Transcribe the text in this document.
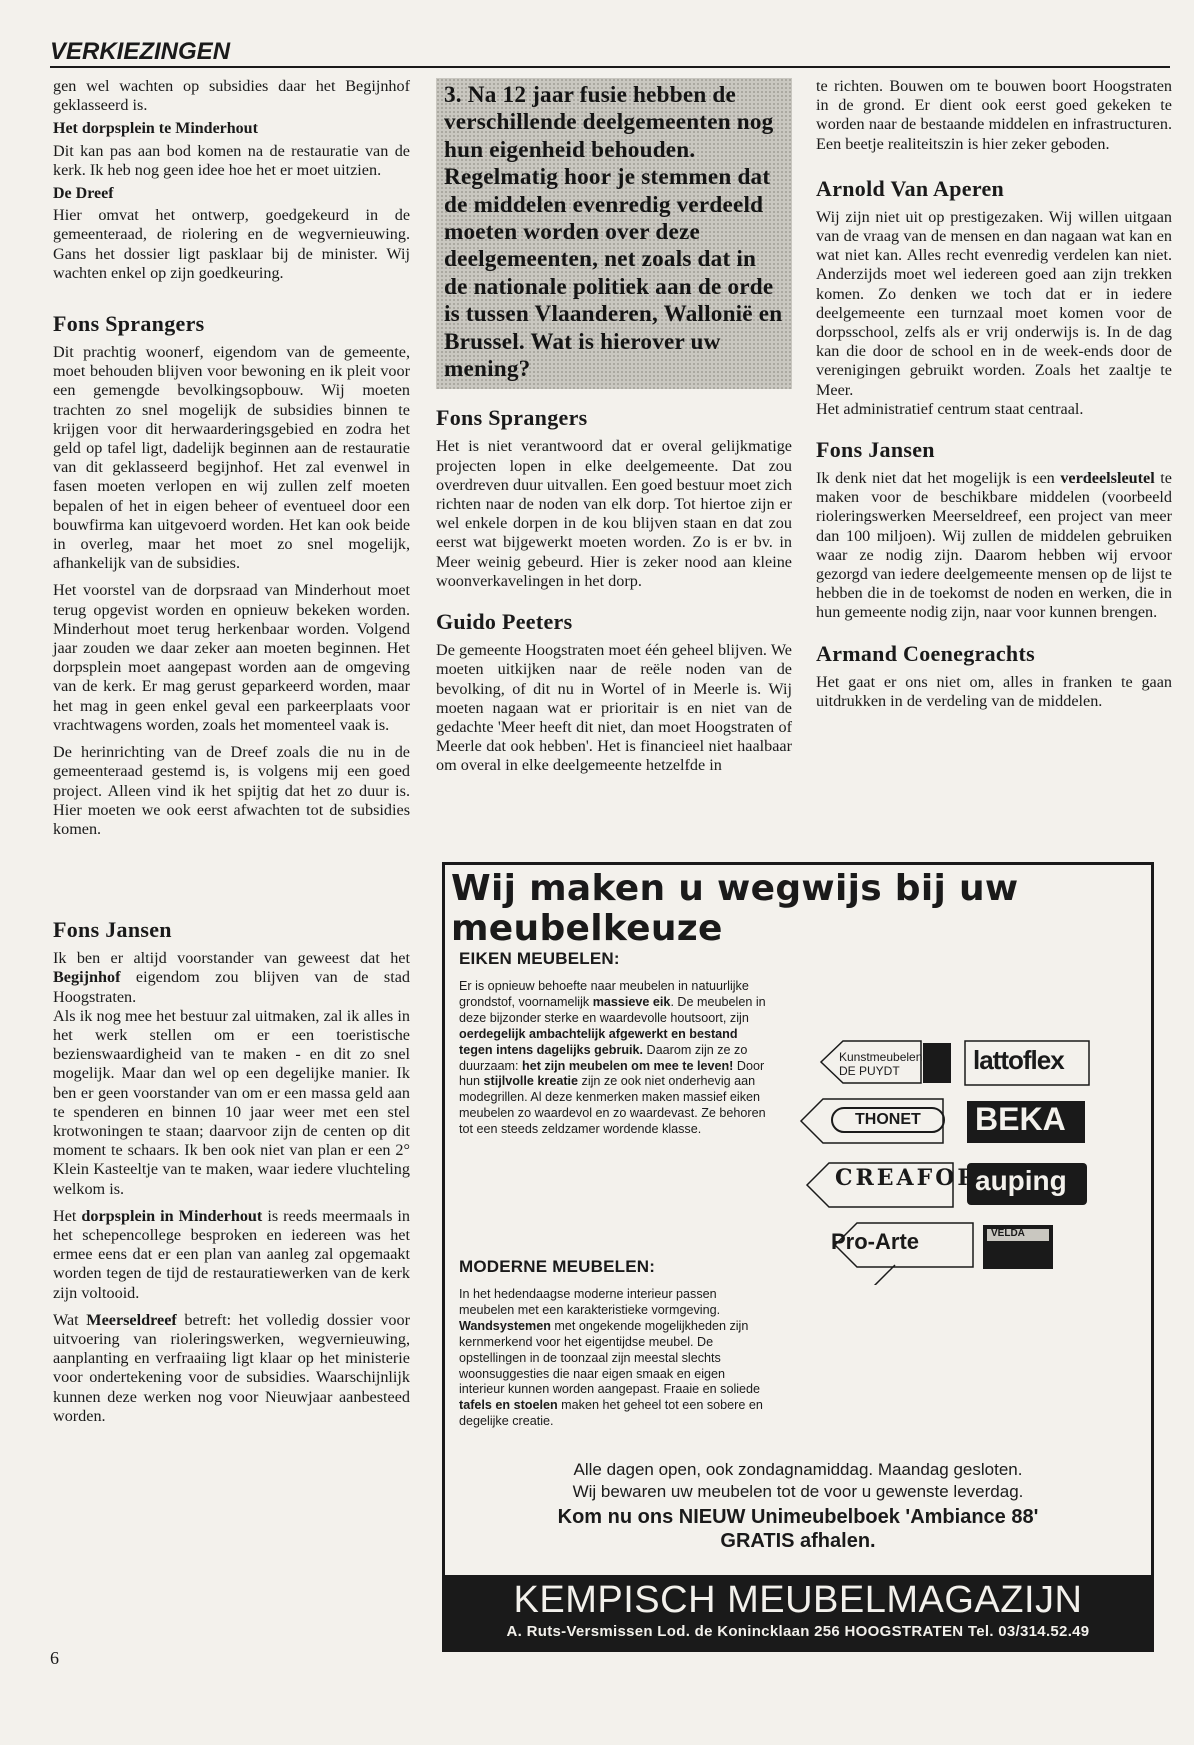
VERKIEZINGEN

gen wel wachten op subsidies daar het Begijnhof geklasseerd is.

Het dorpsplein te Minderhout

Dit kan pas aan bod komen na de restauratie van de kerk. Ik heb nog geen idee hoe het er moet uitzien.

De Dreef

Hier omvat het ontwerp, goedgekeurd in de gemeenteraad, de riolering en de wegvernieuwing. Gans het dossier ligt pasklaar bij de minister. Wij wachten enkel op zijn goedkeuring.

Fons Sprangers

Dit prachtig woonerf, eigendom van de gemeente, moet behouden blijven voor bewoning en ik pleit voor een gemengde bevolkingsopbouw. Wij moeten trachten zo snel mogelijk de subsidies binnen te krijgen voor dit herwaarderingsgebied en zodra het geld op tafel ligt, dadelijk beginnen aan de restauratie van dit geklasseerd begijnhof. Het zal evenwel in fasen moeten verlopen en wij zullen zelf moeten bepalen of het in eigen beheer of eventueel door een bouwfirma kan uitgevoerd worden. Het kan ook beide in overleg, maar het moet zo snel mogelijk, afhankelijk van de subsidies.

Het voorstel van de dorpsraad van Minderhout moet terug opgevist worden en opnieuw bekeken worden. Minderhout moet terug herkenbaar worden. Volgend jaar zouden we daar zeker aan moeten beginnen. Het dorpsplein moet aangepast worden aan de omgeving van de kerk. Er mag gerust geparkeerd worden, maar het mag in geen enkel geval een parkeerplaats voor vrachtwagens worden, zoals het momenteel vaak is.

De herinrichting van de Dreef zoals die nu in de gemeenteraad gestemd is, is volgens mij een goed project. Alleen vind ik het spijtig dat het zo duur is. Hier moeten we ook eerst afwachten tot de subsidies komen.

Fons Jansen

Ik ben er altijd voorstander van geweest dat het Begijnhof eigendom zou blijven van de stad Hoogstraten.

Als ik nog mee het bestuur zal uitmaken, zal ik alles in het werk stellen om er een toeristische bezienswaardigheid van te maken - en dit zo snel mogelijk. Maar dan wel op een degelijke manier. Ik ben er geen voorstander van om er een massa geld aan te spenderen en binnen 10 jaar weer met een stel krotwoningen te staan; daarvoor zijn de centen op dit moment te schaars. Ik ben ook niet van plan er een 2° Klein Kasteeltje van te maken, waar iedere vluchteling welkom is.

Het dorpsplein in Minderhout is reeds meermaals in het schepencollege besproken en iedereen was het ermee eens dat er een plan van aanleg zal opgemaakt worden tegen de tijd de restauratiewerken van de kerk zijn voltooid.

Wat Meerseldreef betreft: het volledig dossier voor uitvoering van rioleringswerken, wegvernieuwing, aanplanting en verfraaiing ligt klaar op het ministerie voor ondertekening voor de subsidies. Waarschijnlijk kunnen deze werken nog voor Nieuwjaar aanbesteed worden.

6
3. Na 12 jaar fusie hebben de verschillende deelgemeenten nog hun eigenheid behouden. Regelmatig hoor je stemmen dat de middelen evenredig verdeeld moeten worden over deze deelgemeenten, net zoals dat in de nationale politiek aan de orde is tussen Vlaanderen, Wallonië en Brussel. Wat is hierover uw mening?
Fons Sprangers

Het is niet verantwoord dat er overal gelijkmatige projecten lopen in elke deelgemeente. Dat zou overdreven duur uitvallen. Een goed bestuur moet zich richten naar de noden van elk dorp. Tot hiertoe zijn er wel enkele dorpen in de kou blijven staan en dat zou eerst wat bijgewerkt moeten worden. Zo is er bv. in Meer weinig gebeurd. Hier is zeker nood aan kleine woonverkavelingen in het dorp.

Guido Peeters

De gemeente Hoogstraten moet één geheel blijven. We moeten uitkijken naar de reële noden van de bevolking, of dit nu in Wortel of in Meerle is. Wij moeten nagaan wat er prioritair is en niet van de gedachte 'Meer heeft dit niet, dan moet Hoogstraten of Meerle dat ook hebben'. Het is financieel niet haalbaar om overal in elke deelgemeente hetzelfde in

te richten. Bouwen om te bouwen boort Hoogstraten in de grond. Er dient ook eerst goed gekeken te worden naar de bestaande middelen en infrastructuren. Een beetje realiteitszin is hier zeker geboden.

Arnold Van Aperen

Wij zijn niet uit op prestigezaken. Wij willen uitgaan van de vraag van de mensen en dan nagaan wat kan en wat niet kan. Alles recht evenredig verdelen kan niet. Anderzijds moet wel iedereen goed aan zijn trekken komen. Zo denken we toch dat er in iedere deelgemeente een turnzaal moet komen voor de dorpsschool, zelfs als er vrij onderwijs is. In de dag kan die door de school en in de week-ends door de verenigingen gebruikt worden. Zoals het zaaltje te Meer.

Het administratief centrum staat centraal.

Fons Jansen

Ik denk niet dat het mogelijk is een verdeelsleutel te maken voor de beschikbare middelen (voorbeeld rioleringswerken Meerseldreef, een project van meer dan 100 miljoen). Wij zullen de middelen gebruiken waar ze nodig zijn. Daarom hebben wij ervoor gezorgd van iedere deelgemeente mensen op de lijst te hebben die in de toekomst de noden en werken, die in hun gemeente nodig zijn, naar voor kunnen brengen.

Armand Coenegrachts

Het gaat er ons niet om, alles in franken te gaan uitdrukken in de verdeling van de middelen.

Wij maken u wegwijs bij uw meubelkeuze
EIKEN MEUBELEN:
Er is opnieuw behoefte naar meubelen in natuurlijke grondstof, voornamelijk massieve eik. De meubelen in deze bijzonder sterke en waardevolle houtsoort, zijn oerdegelijk ambachtelijk afgewerkt en bestand tegen intens dagelijks gebruik. Daarom zijn ze zo duurzaam: het zijn meubelen om mee te leven! Door hun stijlvolle kreatie zijn ze ook niet onderhevig aan modegrillen. Al deze kenmerken maken massief eiken meubelen zo waardevol en zo waardevast. Ze behoren tot een steeds zeldzamer wordende klasse.
MODERNE MEUBELEN:
In het hedendaagse moderne interieur passen meubelen met een karakteristieke vormgeving. Wandsystemen met ongekende mogelijkheden zijn kernmerkend voor het eigentijdse meubel. De opstellingen in de toonzaal zijn meestal slechts woonsuggesties die naar eigen smaak en eigen interieur kunnen worden aangepast. Fraaie en soliede tafels en stoelen maken het geheel tot een sobere en degelijke creatie.
Kunstmeubelen
DE PUYDT	lattoflex
THONET	BEKA
CREAFORT
auping
Pro-Arte	VELDA
KM
Alle dagen open, ook zondagnamiddag. Maandag gesloten.
Wij bewaren uw meubelen tot de voor u gewenste leverdag.
Kom nu ons NIEUW Unimeubelboek 'Ambiance 88'
GRATIS afhalen.
KEMPISCH MEUBELMAGAZIJN
A. Ruts-Versmissen Lod. de Konincklaan 256 HOOGSTRATEN Tel. 03/314.52.49
